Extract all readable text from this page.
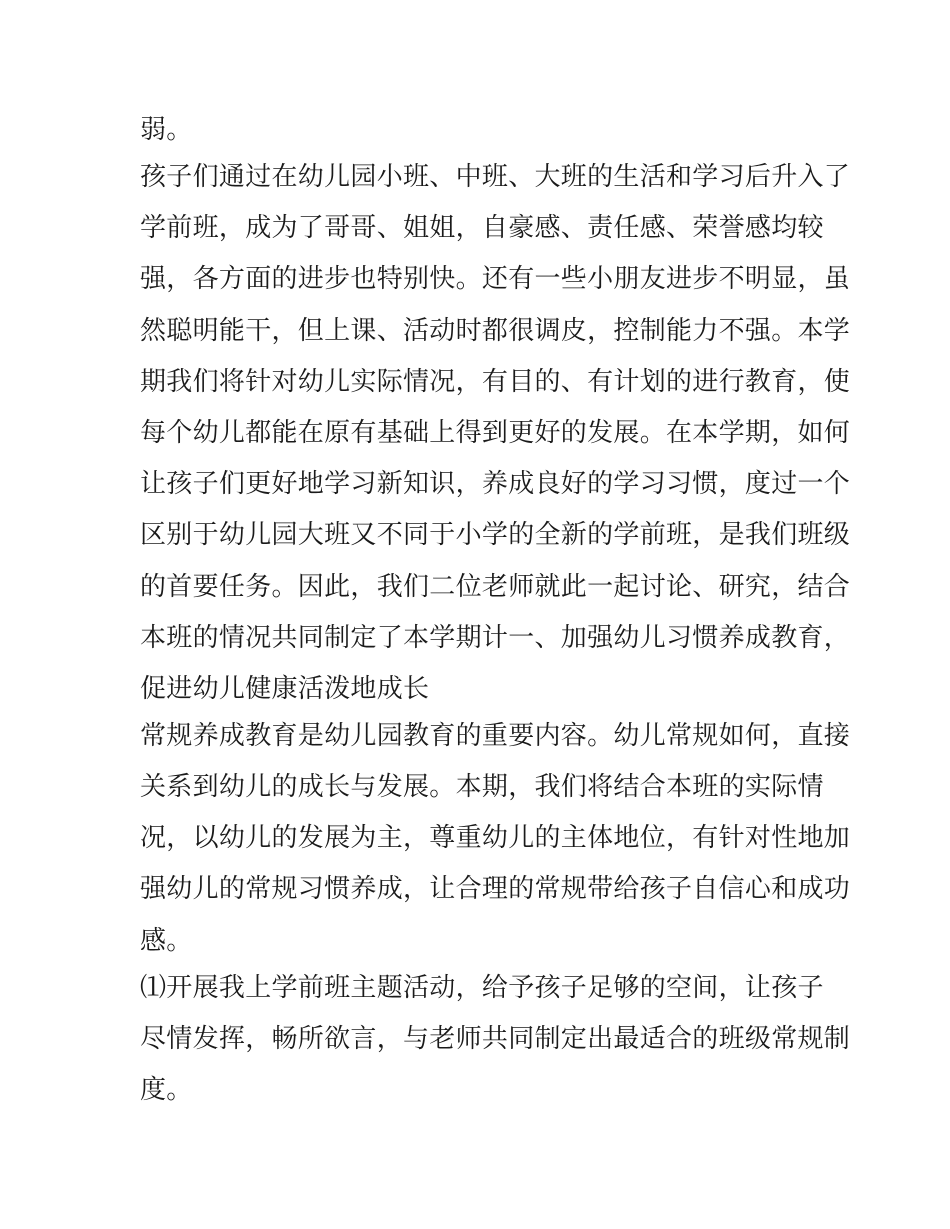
弱。
孩子们通过在幼儿园小班、中班、大班的生活和学习后升入了
学前班，成为了哥哥、姐姐，自豪感、责任感、荣誉感均较
强，各方面的进步也特别快。还有一些小朋友进步不明显，虽
然聪明能干，但上课、活动时都很调皮，控制能力不强。本学
期我们将针对幼儿实际情况，有目的、有计划的进行教育，使
每个幼儿都能在原有基础上得到更好的发展。在本学期，如何
让孩子们更好地学习新知识，养成良好的学习习惯，度过一个
区别于幼儿园大班又不同于小学的全新的学前班，是我们班级
的首要任务。因此，我们二位老师就此一起讨论、研究，结合
本班的情况共同制定了本学期计一、加强幼儿习惯养成教育，
促进幼儿健康活泼地成长
常规养成教育是幼儿园教育的重要内容。幼儿常规如何，直接
关系到幼儿的成长与发展。本期，我们将结合本班的实际情
况，以幼儿的发展为主，尊重幼儿的主体地位，有针对性地加
强幼儿的常规习惯养成，让合理的常规带给孩子自信心和成功
感。
⑴开展我上学前班主题活动，给予孩子足够的空间，让孩子
尽情发挥，畅所欲言，与老师共同制定出最适合的班级常规制
度。
